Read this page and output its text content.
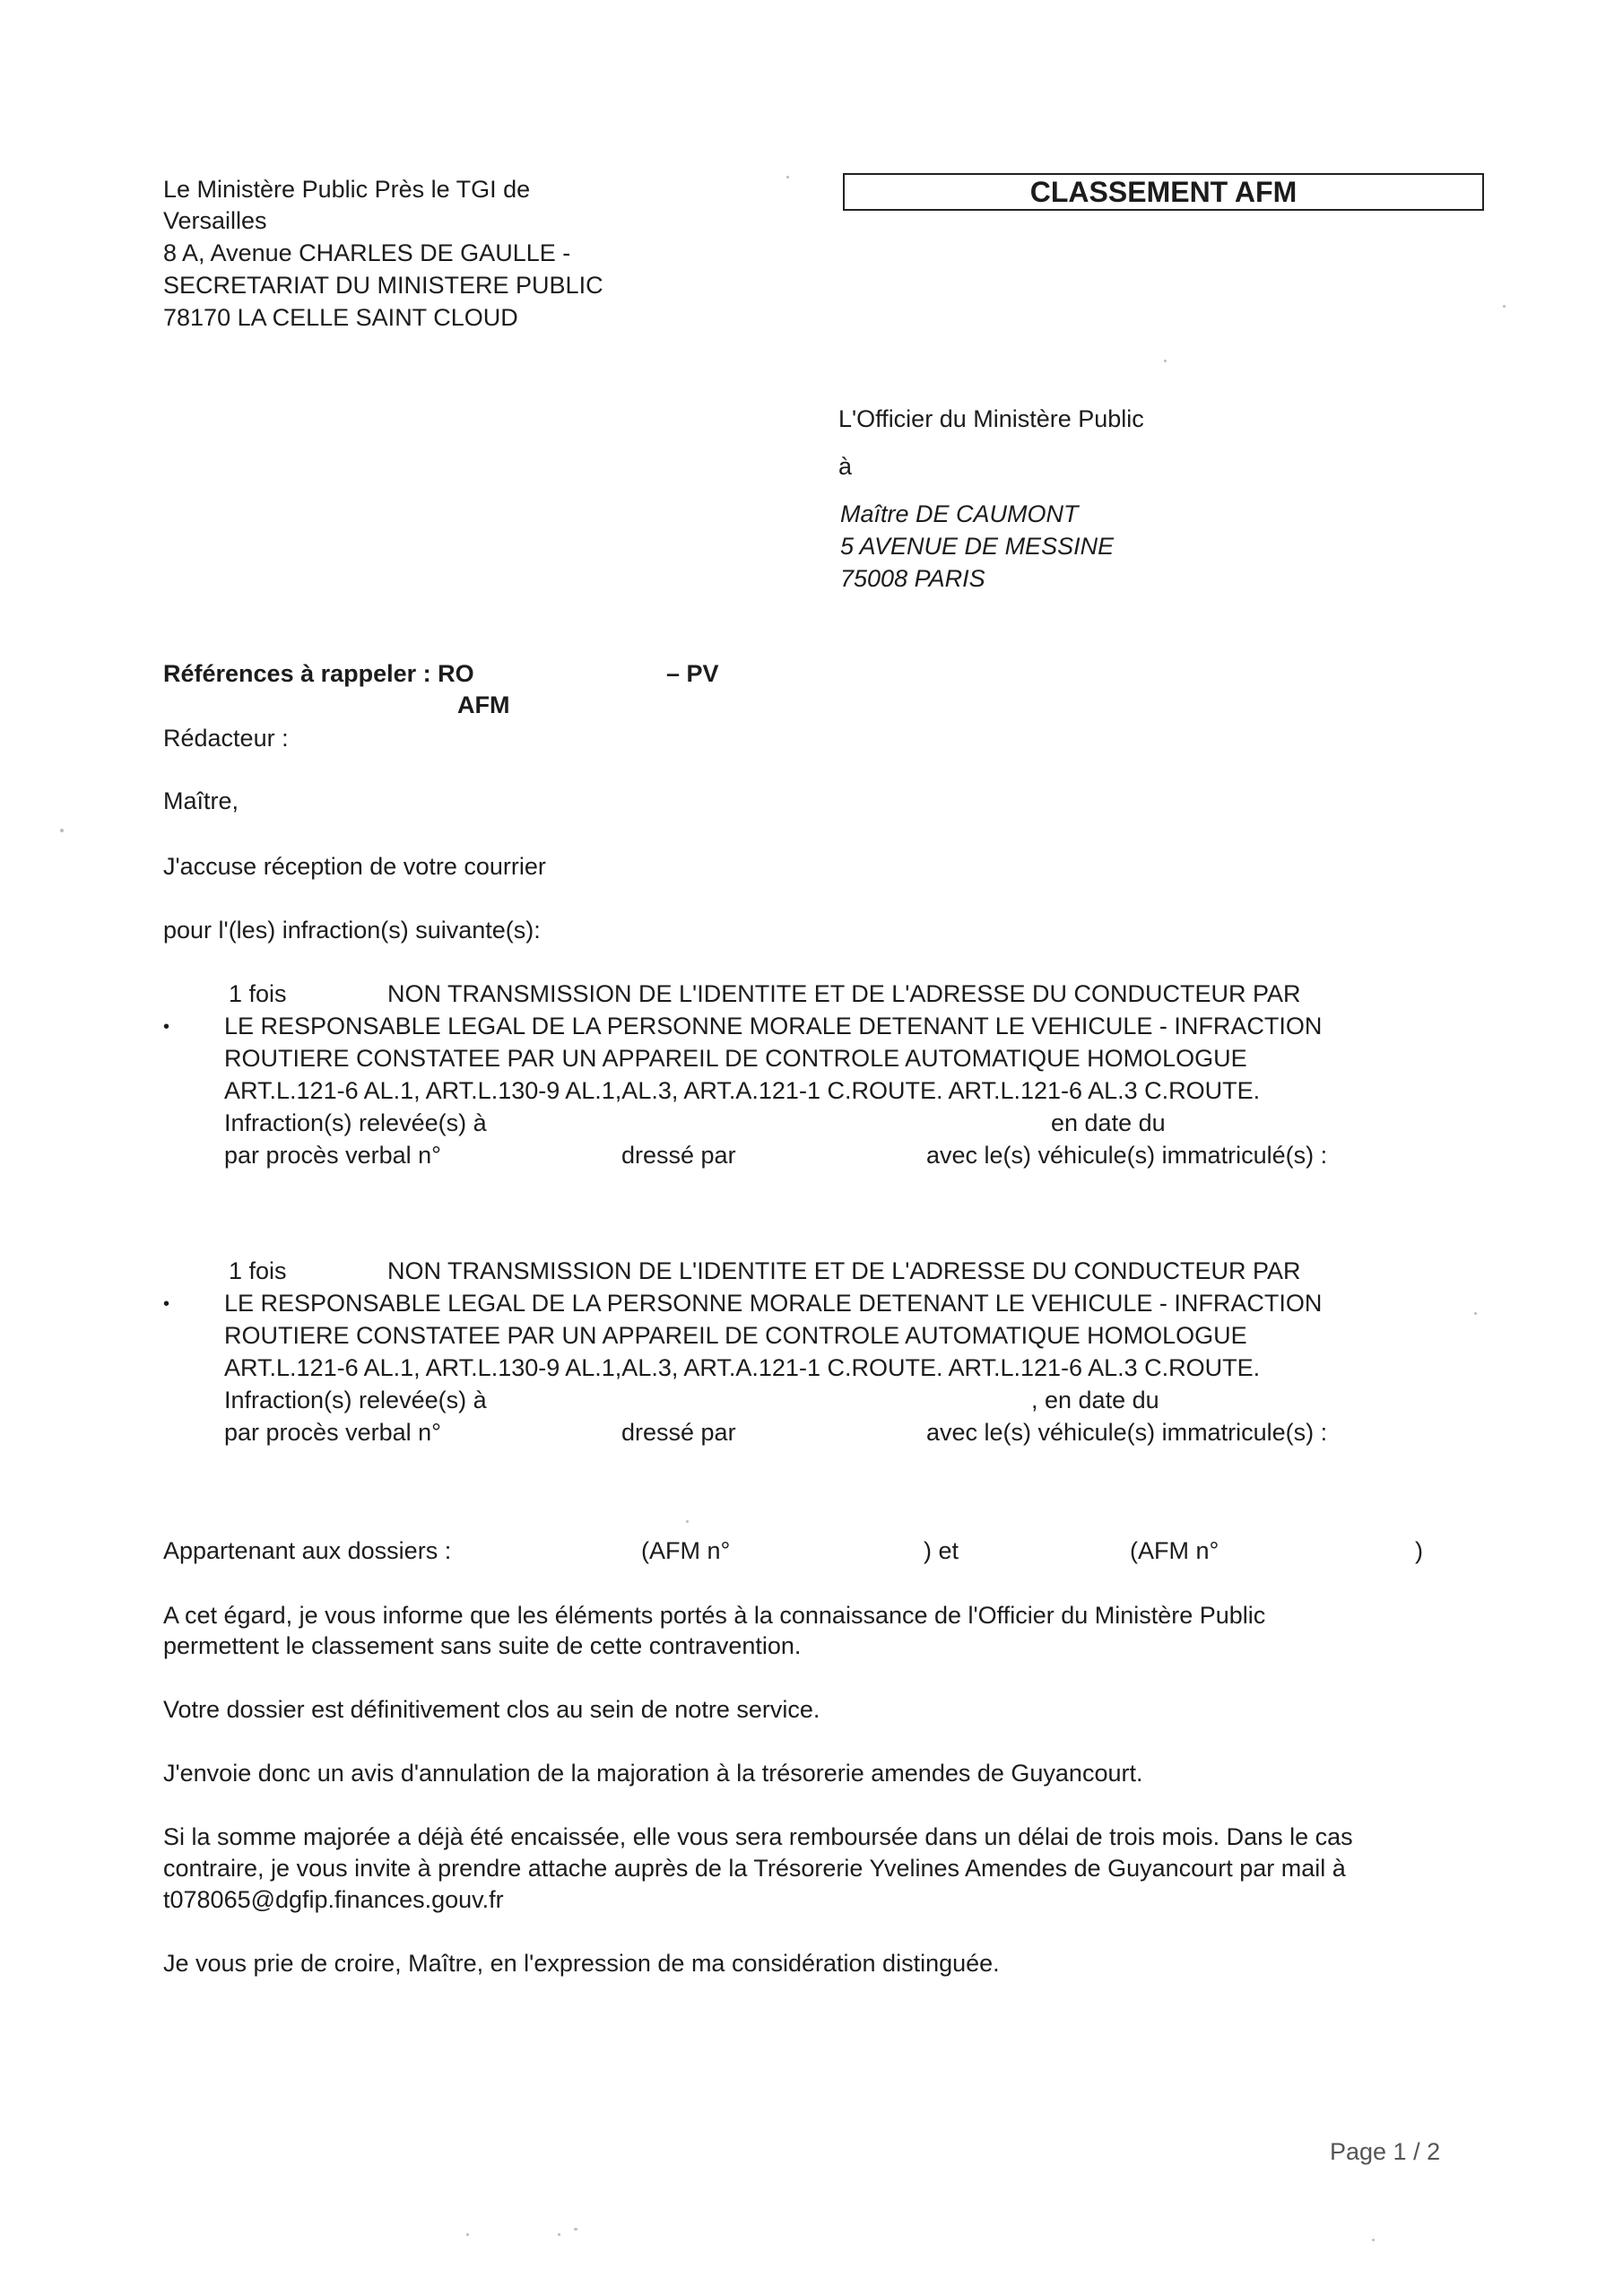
Le Ministère Public Près le TGI de
Versailles
8 A, Avenue CHARLES DE GAULLE -
SECRETARIAT DU MINISTERE PUBLIC
78170 LA CELLE SAINT CLOUD
CLASSEMENT AFM
L'Officier du Ministère Public
à
Maître DE CAUMONT
5 AVENUE DE MESSINE
75008 PARIS
Références à rappeler : RO	– PV
AFM
Rédacteur :
Maître,
J'accuse réception de votre courrier
pour l'(les) infraction(s) suivante(s):
1 fois	NON TRANSMISSION DE L'IDENTITE ET DE L'ADRESSE DU CONDUCTEUR PAR
• LE RESPONSABLE LEGAL DE LA PERSONNE MORALE DETENANT LE VEHICULE - INFRACTION
ROUTIERE CONSTATEE PAR UN APPAREIL DE CONTROLE AUTOMATIQUE HOMOLOGUE
ART.L.121-6 AL.1, ART.L.130-9 AL.1,AL.3, ART.A.121-1 C.ROUTE. ART.L.121-6 AL.3 C.ROUTE.
Infraction(s) relevée(s) à	en date du
par procès verbal n°	dressé par	avec le(s) véhicule(s) immatriculé(s) :
1 fois	NON TRANSMISSION DE L'IDENTITE ET DE L'ADRESSE DU CONDUCTEUR PAR
• LE RESPONSABLE LEGAL DE LA PERSONNE MORALE DETENANT LE VEHICULE - INFRACTION
ROUTIERE CONSTATEE PAR UN APPAREIL DE CONTROLE AUTOMATIQUE HOMOLOGUE
ART.L.121-6 AL.1, ART.L.130-9 AL.1,AL.3, ART.A.121-1 C.ROUTE. ART.L.121-6 AL.3 C.ROUTE.
Infraction(s) relevée(s) à	, en date du
par procès verbal n°	dressé par	avec le(s) véhicule(s) immatricule(s) :
Appartenant aux dossiers :	(AFM n°	) et	(AFM n°	)
A cet égard, je vous informe que les éléments portés à la connaissance de l'Officier du Ministère Public
permettent le classement sans suite de cette contravention.
Votre dossier est définitivement clos au sein de notre service.
J'envoie donc un avis d'annulation de la majoration à la trésorerie amendes de Guyancourt.
Si la somme majorée a déjà été encaissée, elle vous sera remboursée dans un délai de trois mois. Dans le cas
contraire, je vous invite à prendre attache auprès de la Trésorerie Yvelines Amendes de Guyancourt par mail à
t078065@dgfip.finances.gouv.fr
Je vous prie de croire, Maître, en l'expression de ma considération distinguée.
Page 1 / 2
